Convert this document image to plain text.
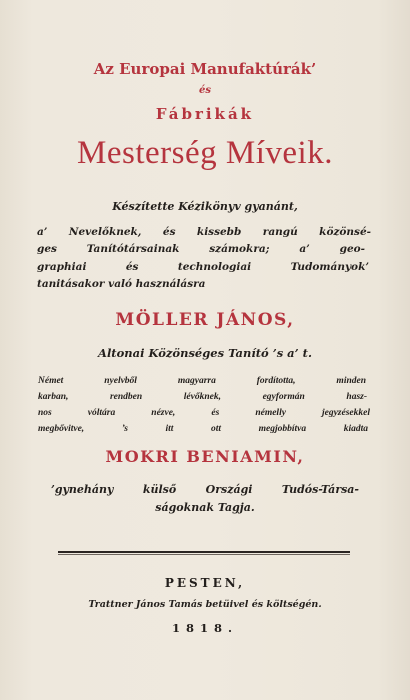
Az Europai Manufaktúrák’
és
Fábrikák
Mesterség Míveik.
Készítette Kézikönyv gyanánt,
a’ Nevelőknek, és kissebb rangú közönsé-
ges Tanítótársainak számokra; a’ geo-
graphiai és technologiai Tudományok’
tanitásakor való használásra
MÖLLER JÁNOS,
Altonai Közönséges Tanító ’s a’ t.
Német nyelvből magyarra fordította, minden
karban, rendben lévőknek, egyformán hasz-
nos vóltára nézve, és némelly jegyzésekkel
megbővitve, ’s itt ott megjobbítva kiadta
MOKRI BENIAMIN,
’gynehány külső Országi Tudós-Társa-
ságoknak Tagja.
PESTEN,
Trattner János Tamás betüivel és költségén.
1818.
